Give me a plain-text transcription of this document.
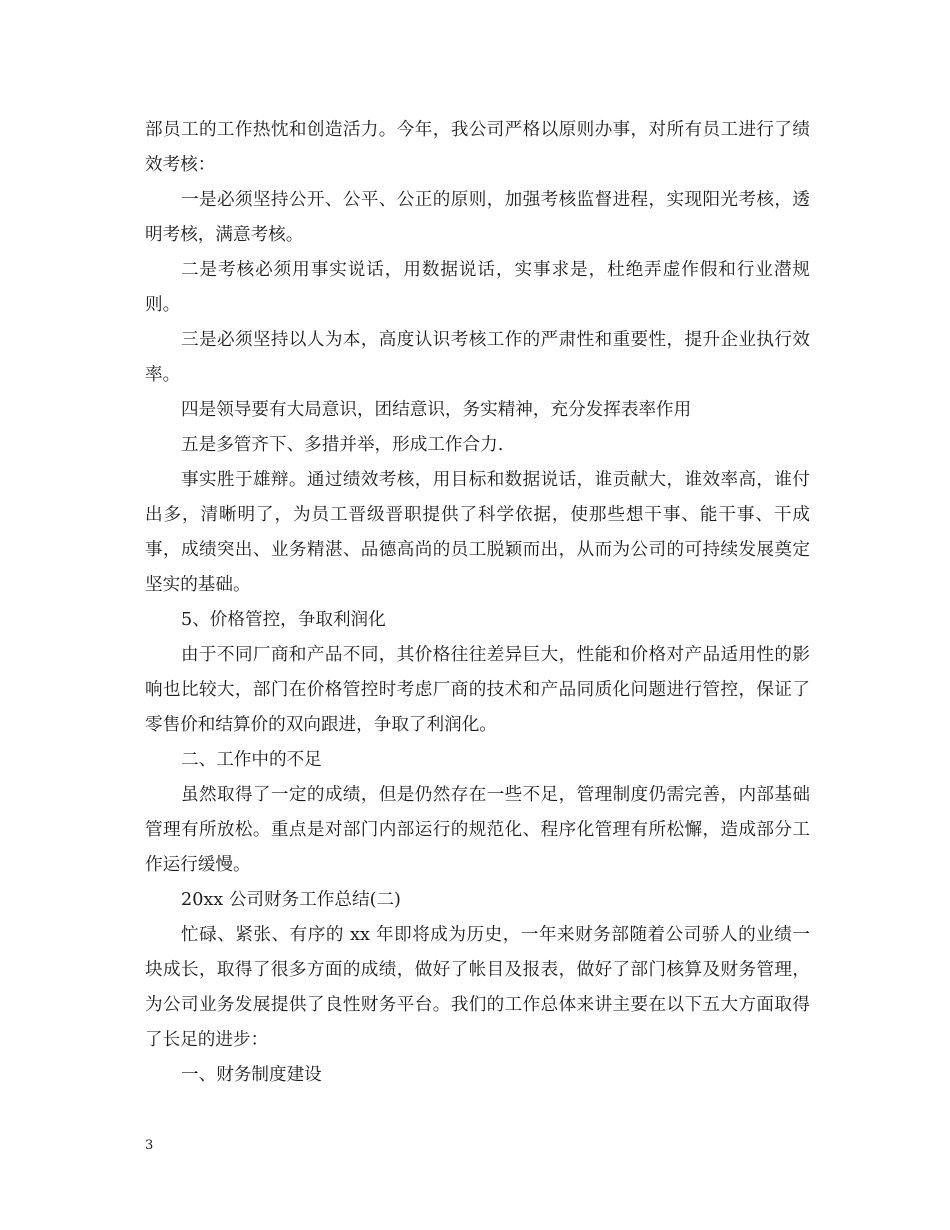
部员工的工作热忱和创造活力。今年，我公司严格以原则办事，对所有员工进行了绩效考核：

一是必须坚持公开、公平、公正的原则，加强考核监督进程，实现阳光考核，透明考核，满意考核。

二是考核必须用事实说话，用数据说话，实事求是，杜绝弄虚作假和行业潜规则。

三是必须坚持以人为本，高度认识考核工作的严肃性和重要性，提升企业执行效率。

四是领导要有大局意识，团结意识，务实精神，充分发挥表率作用

五是多管齐下、多措并举，形成工作合力.

事实胜于雄辩。通过绩效考核，用目标和数据说话，谁贡献大，谁效率高，谁付出多，清晰明了，为员工晋级晋职提供了科学依据，使那些想干事、能干事、干成事，成绩突出、业务精湛、品德高尚的员工脱颖而出，从而为公司的可持续发展奠定坚实的基础。

5、价格管控，争取利润化

由于不同厂商和产品不同，其价格往往差异巨大，性能和价格对产品适用性的影响也比较大，部门在价格管控时考虑厂商的技术和产品同质化问题进行管控，保证了零售价和结算价的双向跟进，争取了利润化。

二、工作中的不足

虽然取得了一定的成绩，但是仍然存在一些不足，管理制度仍需完善，内部基础管理有所放松。重点是对部门内部运行的规范化、程序化管理有所松懈，造成部分工作运行缓慢。

20xx 公司财务工作总结(二)

忙碌、紧张、有序的 xx 年即将成为历史，一年来财务部随着公司骄人的业绩一块成长，取得了很多方面的成绩，做好了帐目及报表，做好了部门核算及财务管理，为公司业务发展提供了良性财务平台。我们的工作总体来讲主要在以下五大方面取得了长足的进步：

一、财务制度建设

3
